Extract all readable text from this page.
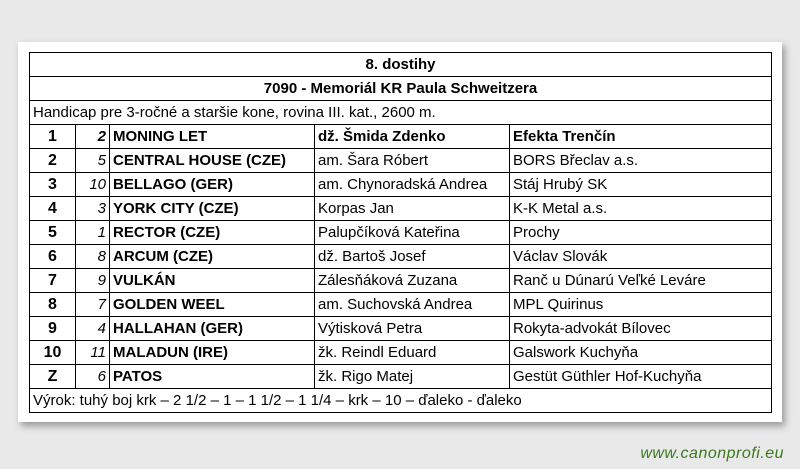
8. dostihy				
7090 - Memoriál KR Paula Schweitzera				
Handicap pre 3-ročné a staršie kone, rovina III. kat., 2600 m.				
1	2	MONING LET	dž. Šmida Zdenko	Efekta Trenčín
2	5	CENTRAL HOUSE (CZE)	am. Šara Róbert	BORS Břeclav a.s.
3	10	BELLAGO (GER)	am. Chynoradská Andrea	Stáj Hrubý SK
4	3	YORK CITY (CZE)	Korpas Jan	K-K Metal a.s.
5	1	RECTOR (CZE)	Palupčíková Kateřina	Prochy
6	8	ARCUM (CZE)	dž. Bartoš Josef	Václav Slovák
7	9	VULKÁN	Zálesňáková Zuzana	Ranč u Dúnarú Veľké Leváre
8	7	GOLDEN WEEL	am. Suchovská Andrea	MPL Quirinus
9	4	HALLAHAN (GER)	Výtisková Petra	Rokyta-advokát Bílovec
10	11	MALADUN (IRE)	žk. Reindl Eduard	Galswork Kuchyňa
Z	6	PATOS	žk. Rigo Matej	Gestüt Güthler Hof-Kuchyňa
Výrok: tuhý boj krk – 2 1/2 – 1 – 1 1/2 – 1 1/4 – krk – 10 – ďaleko - ďaleko				
www.canonprofi.eu
